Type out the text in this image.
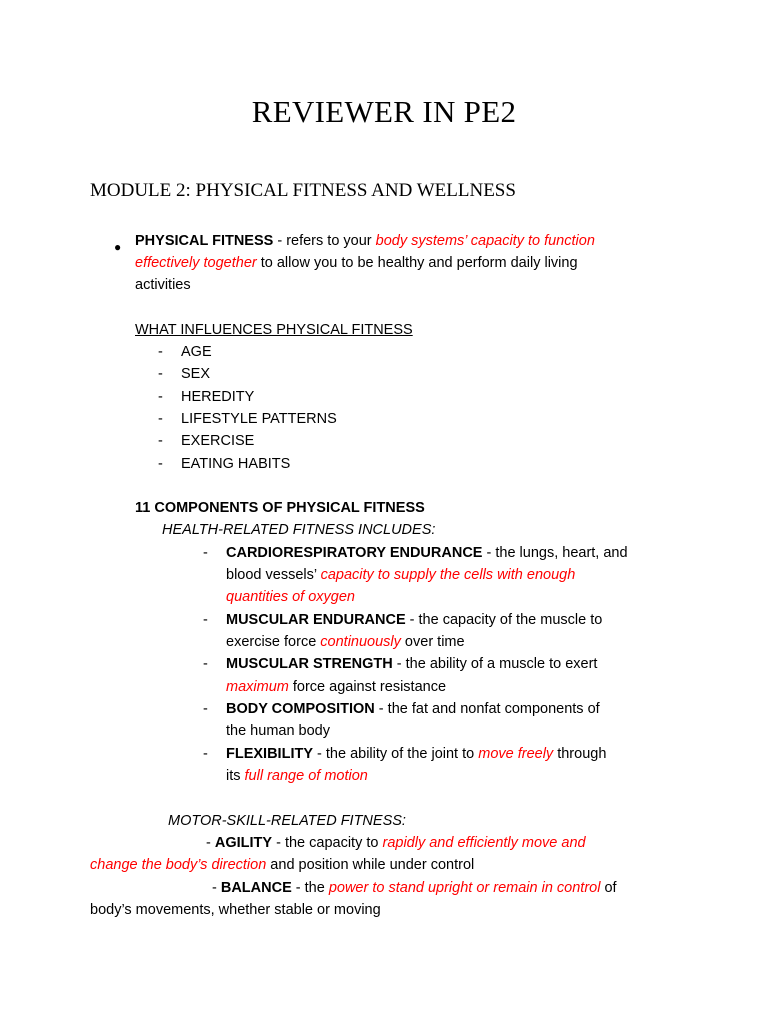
REVIEWER IN PE2
MODULE 2: PHYSICAL FITNESS AND WELLNESS
● PHYSICAL FITNESS - refers to your body systems’ capacity to function
effectively together to allow you to be healthy and perform daily living
activities
WHAT INFLUENCES PHYSICAL FITNESS
- AGE
- SEX
- HEREDITY
- LIFESTYLE PATTERNS
- EXERCISE
- EATING HABITS
11 COMPONENTS OF PHYSICAL FITNESS
HEALTH-RELATED FITNESS INCLUDES:
- CARDIORESPIRATORY ENDURANCE - the lungs, heart, and
blood vessels’ capacity to supply the cells with enough
quantities of oxygen
- MUSCULAR ENDURANCE - the capacity of the muscle to
exercise force continuously over time
- MUSCULAR STRENGTH - the ability of a muscle to exert
maximum force against resistance
- BODY COMPOSITION - the fat and nonfat components of
the human body
- FLEXIBILITY - the ability of the joint to move freely through
its full range of motion
MOTOR-SKILL-RELATED FITNESS:
- AGILITY - the capacity to rapidly and efficiently move and
change the body’s direction and position while under control
- BALANCE - the power to stand upright or remain in control of
body’s movements, whether stable or moving
